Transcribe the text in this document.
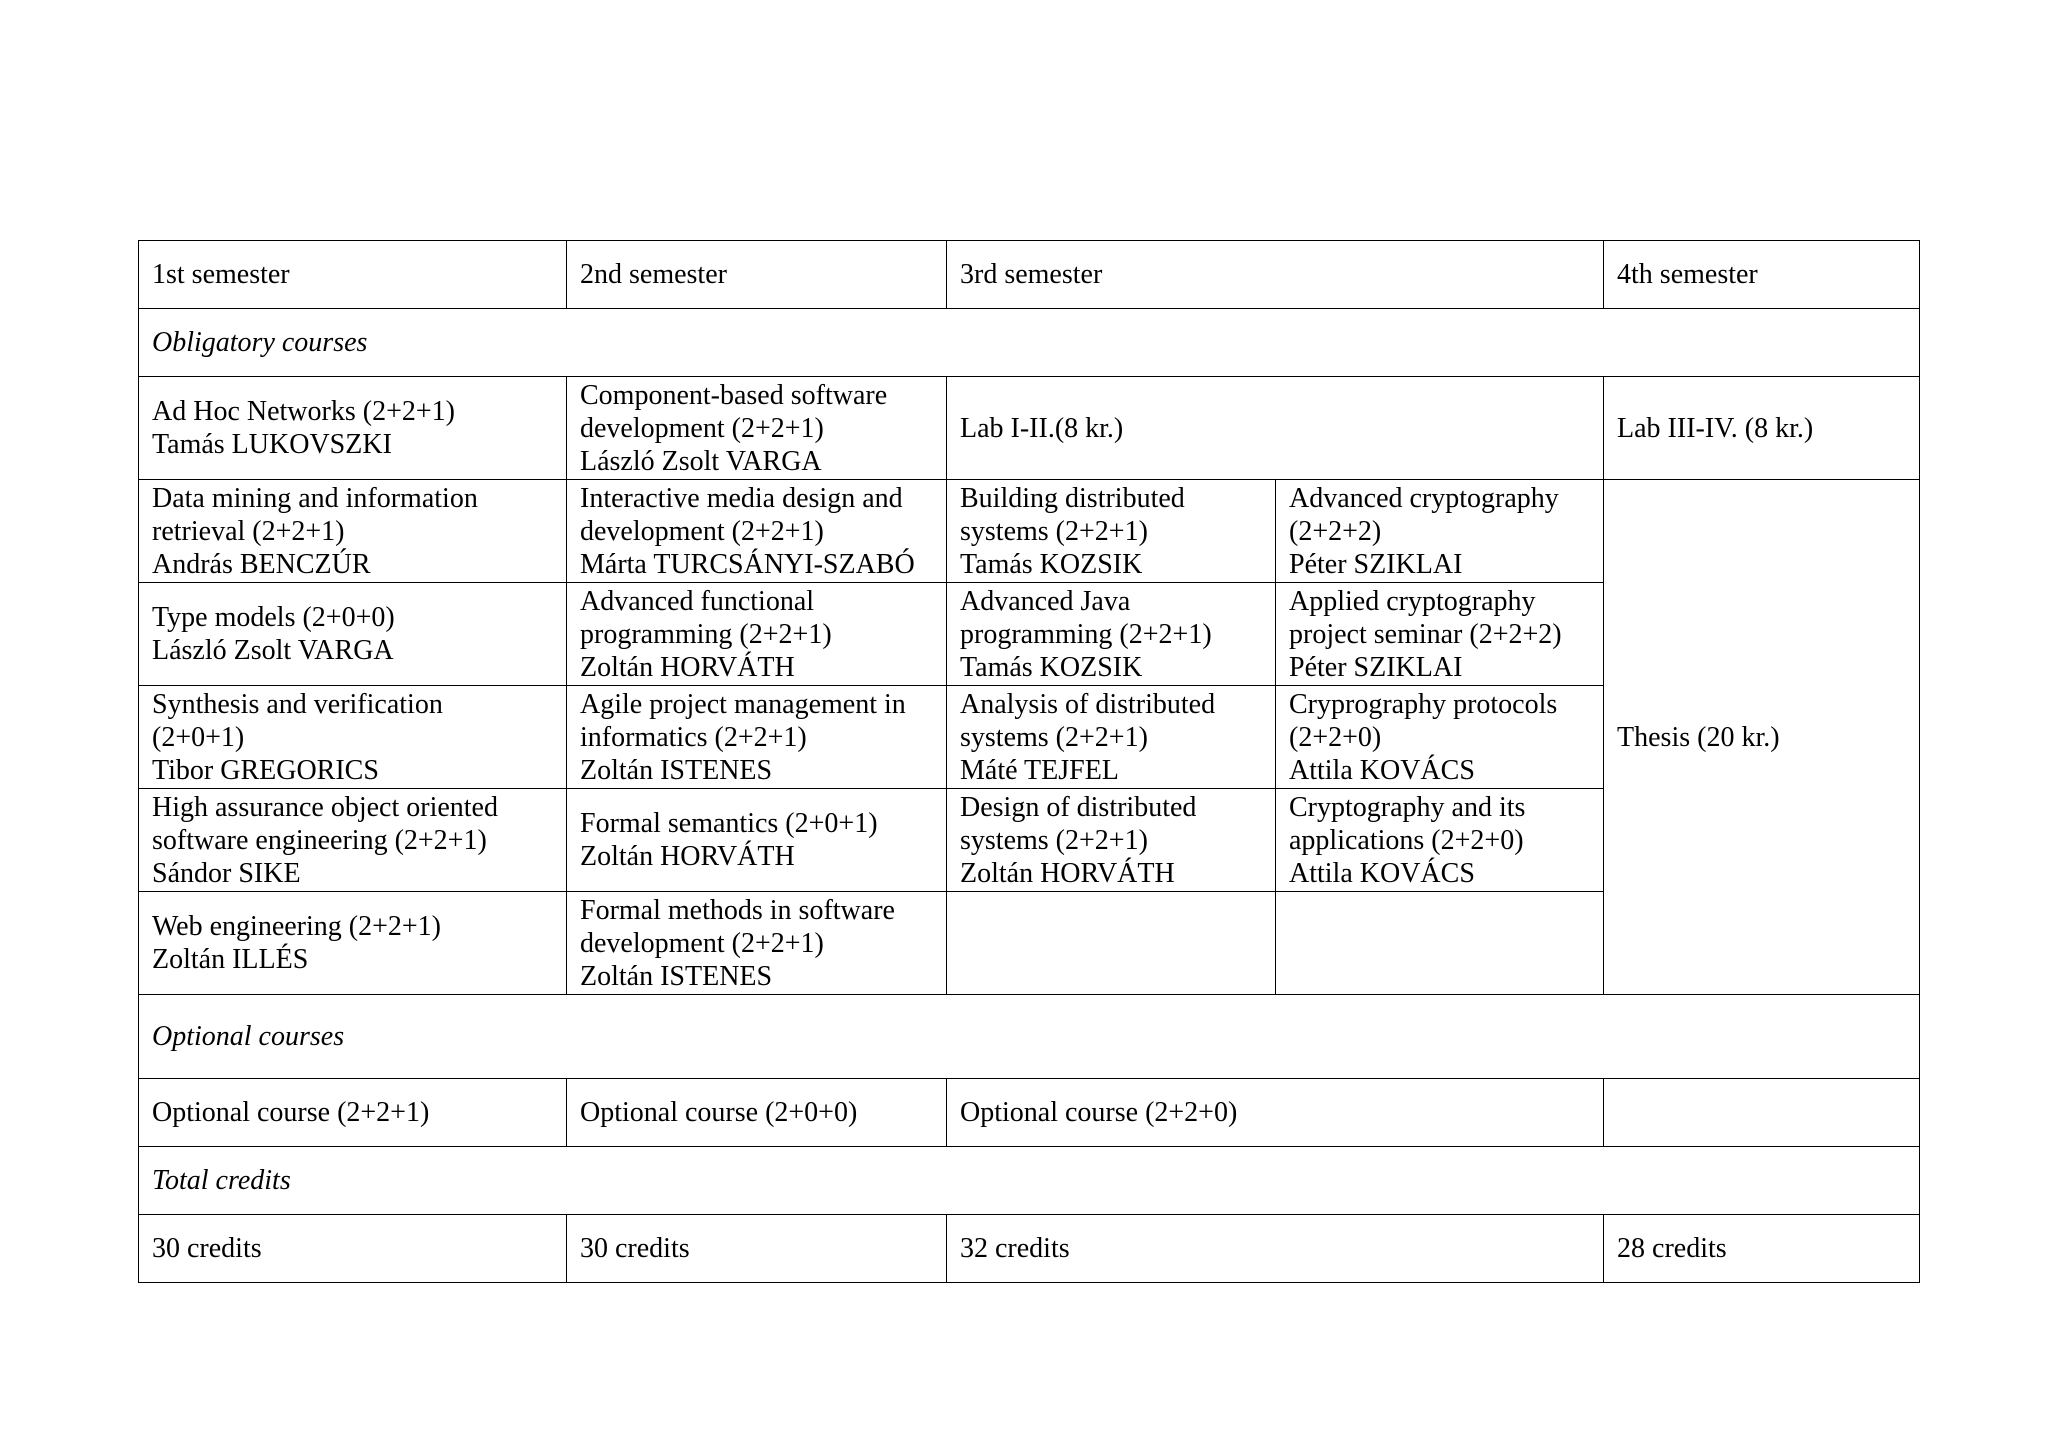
1st semester	2nd semester	3rd semester		4th semester
Obligatory courses				

Ad Hoc Networks (2+2+1)
Tamás LUKOVSZKI	Component-based software
development (2+2+1)
László Zsolt VARGA	Lab I-II.(8 kr.)		Lab III-IV. (8 kr.)

Data mining and information
retrieval (2+2+1)
András BENCZÚR	Interactive media design and
development (2+2+1)
Márta TURCSÁNYI-SZABÓ	Building distributed
systems (2+2+1)
Tamás KOZSIK	Advanced cryptography
(2+2+2)
Péter SZIKLAI	Thesis (20 kr.)

Type models (2+0+0)
László Zsolt VARGA	Advanced functional
programming (2+2+1)
Zoltán HORVÁTH	Advanced Java
programming (2+2+1)
Tamás KOZSIK	Applied cryptography
project seminar (2+2+2)
Péter SZIKLAI	

Synthesis and verification
(2+0+1)
Tibor GREGORICS	Agile project management in
informatics (2+2+1)
Zoltán ISTENES	Analysis of distributed
systems (2+2+1)
Máté TEJFEL	Cryprography protocols
(2+2+0)
Attila KOVÁCS	

High assurance object oriented
software engineering (2+2+1)
Sándor SIKE	Formal semantics (2+0+1)
Zoltán HORVÁTH	Design of distributed
systems (2+2+1)
Zoltán HORVÁTH	Cryptography and its
applications (2+2+0)
Attila KOVÁCS	

Web engineering (2+2+1)
Zoltán ILLÉS	Formal methods in software
development (2+2+1)
Zoltán ISTENES			

Optional courses				
Optional course (2+2+1)	Optional course (2+0+0)	Optional course (2+2+0)		
Total credits				
30 credits	30 credits	32 credits		28 credits
